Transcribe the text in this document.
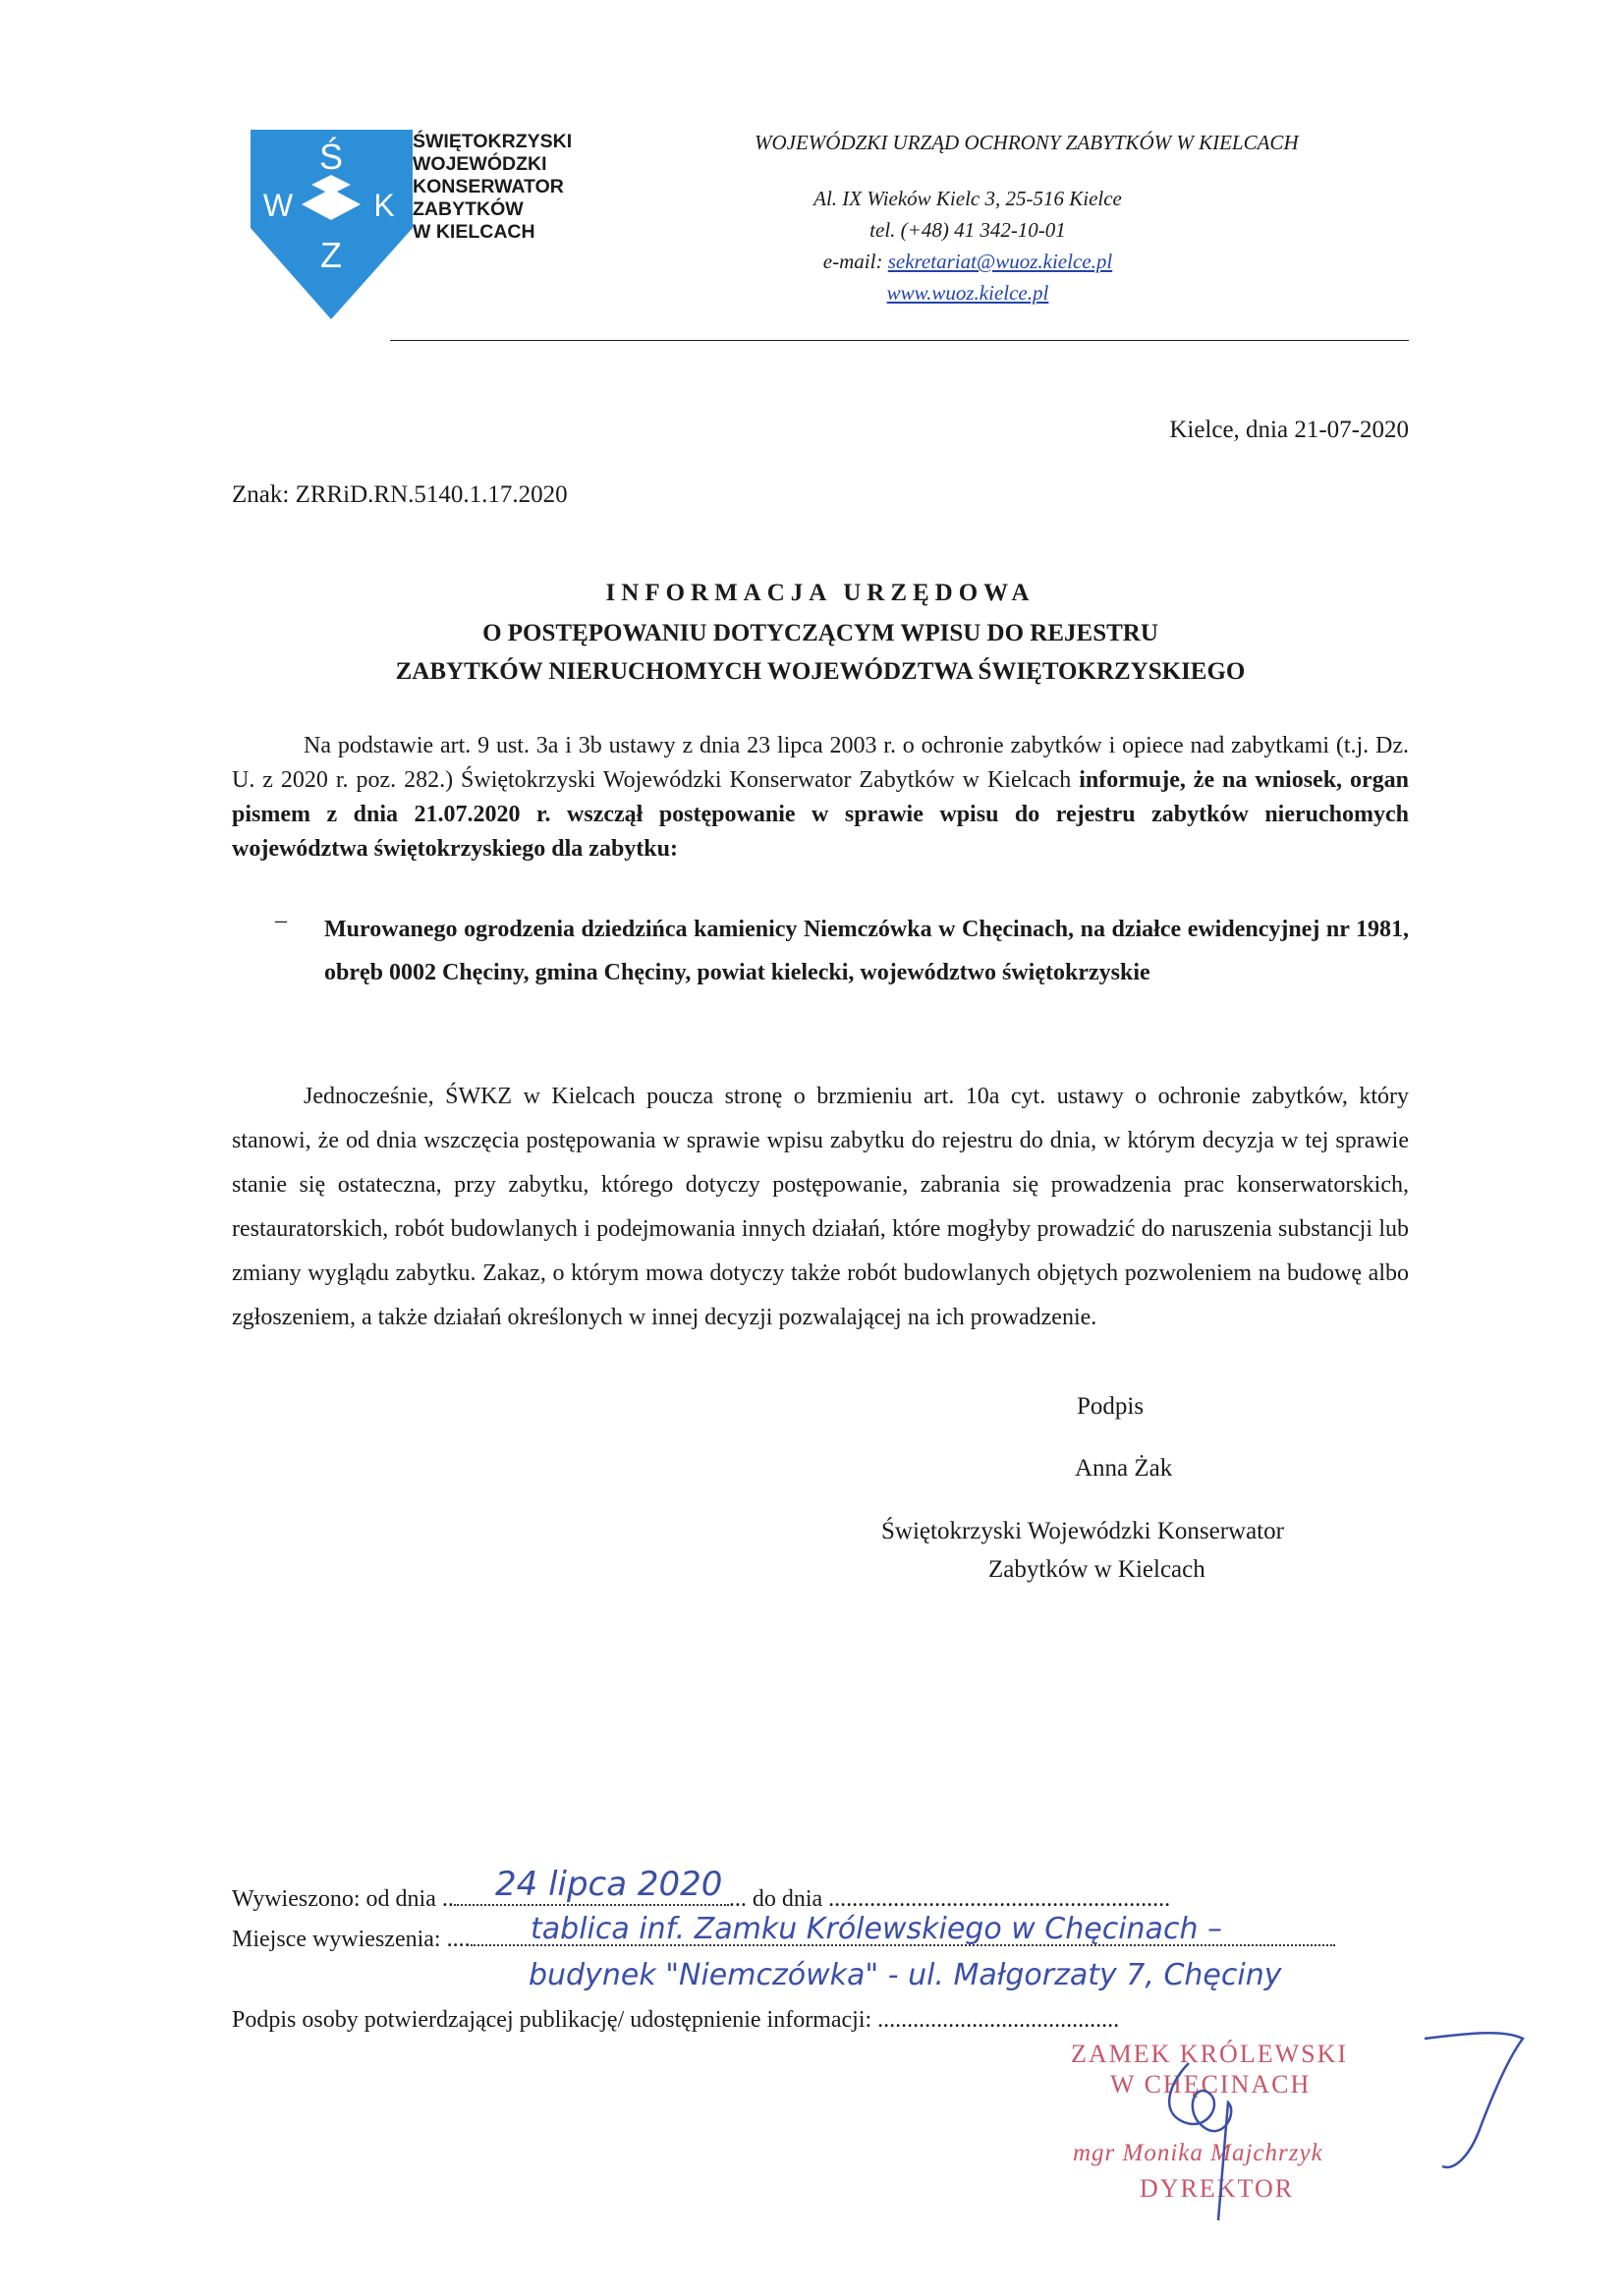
Ś
W	K
Z
ŚWIĘTOKRZYSKI
WOJEWÓDZKI
KONSERWATOR
ZABYTKÓW
W KIELCACH
WOJEWÓDZKI URZĄD OCHRONY ZABYTKÓW W KIELCACH
Al. IX Wieków Kielc 3, 25-516 Kielce
tel. (+48) 41 342-10-01
e-mail: sekretariat@wuoz.kielce.pl
www.wuoz.kielce.pl
Kielce, dnia 21-07-2020
Znak: ZRRiD.RN.5140.1.17.2020
INFORMACJA URZĘDOWA
O POSTĘPOWANIU DOTYCZĄCYM WPISU DO REJESTRU
ZABYTKÓW NIERUCHOMYCH WOJEWÓDZTWA ŚWIĘTOKRZYSKIEGO
Na podstawie art. 9 ust. 3a i 3b ustawy z dnia 23 lipca 2003 r. o ochronie zabytków i opiece nad zabytkami (t.j. Dz. U. z 2020 r. poz. 282.) Świętokrzyski Wojewódzki Konserwator Zabytków w Kielcach informuje, że na wniosek, organ pismem z dnia 21.07.2020 r. wszczął postępowanie w sprawie wpisu do rejestru zabytków nieruchomych województwa świętokrzyskiego dla zabytku:
– Murowanego ogrodzenia dziedzińca kamienicy Niemczówka w Chęcinach, na działce ewidencyjnej nr 1981, obręb 0002 Chęciny, gmina Chęciny, powiat kielecki, województwo świętokrzyskie
Jednocześnie, ŚWKZ w Kielcach poucza stronę o brzmieniu art. 10a cyt. ustawy o ochronie zabytków, który stanowi, że od dnia wszczęcia postępowania w sprawie wpisu zabytku do rejestru do dnia, w którym decyzja w tej sprawie stanie się ostateczna, przy zabytku, którego dotyczy postępowanie, zabrania się prowadzenia prac konserwatorskich, restauratorskich, robót budowlanych i podejmowania innych działań, które mogłyby prowadzić do naruszenia substancji lub zmiany wyglądu zabytku. Zakaz, o którym mowa dotyczy także robót budowlanych objętych pozwoleniem na budowę albo zgłoszeniem, a także działań określonych w innej decyzji pozwalającej na ich prowadzenie.
Podpis
Anna Żak
Świętokrzyski Wojewódzki Konserwator
Zabytków w Kielcach
Wywieszono: od dnia ..	... do dnia ..........................................................
Miejsce wywieszenia: ....
Podpis osoby potwierdzającej publikację/ udostępnienie informacji: .........................................
24 lipca 2020
tablica inf. Zamku Królewskiego w Chęcinach –
budynek "Niemczówka" - ul. Małgorzaty 7, Chęciny
ZAMEK KRÓLEWSKI
W CHĘCINACH
mgr Monika Majchrzyk
DYREKTOR
